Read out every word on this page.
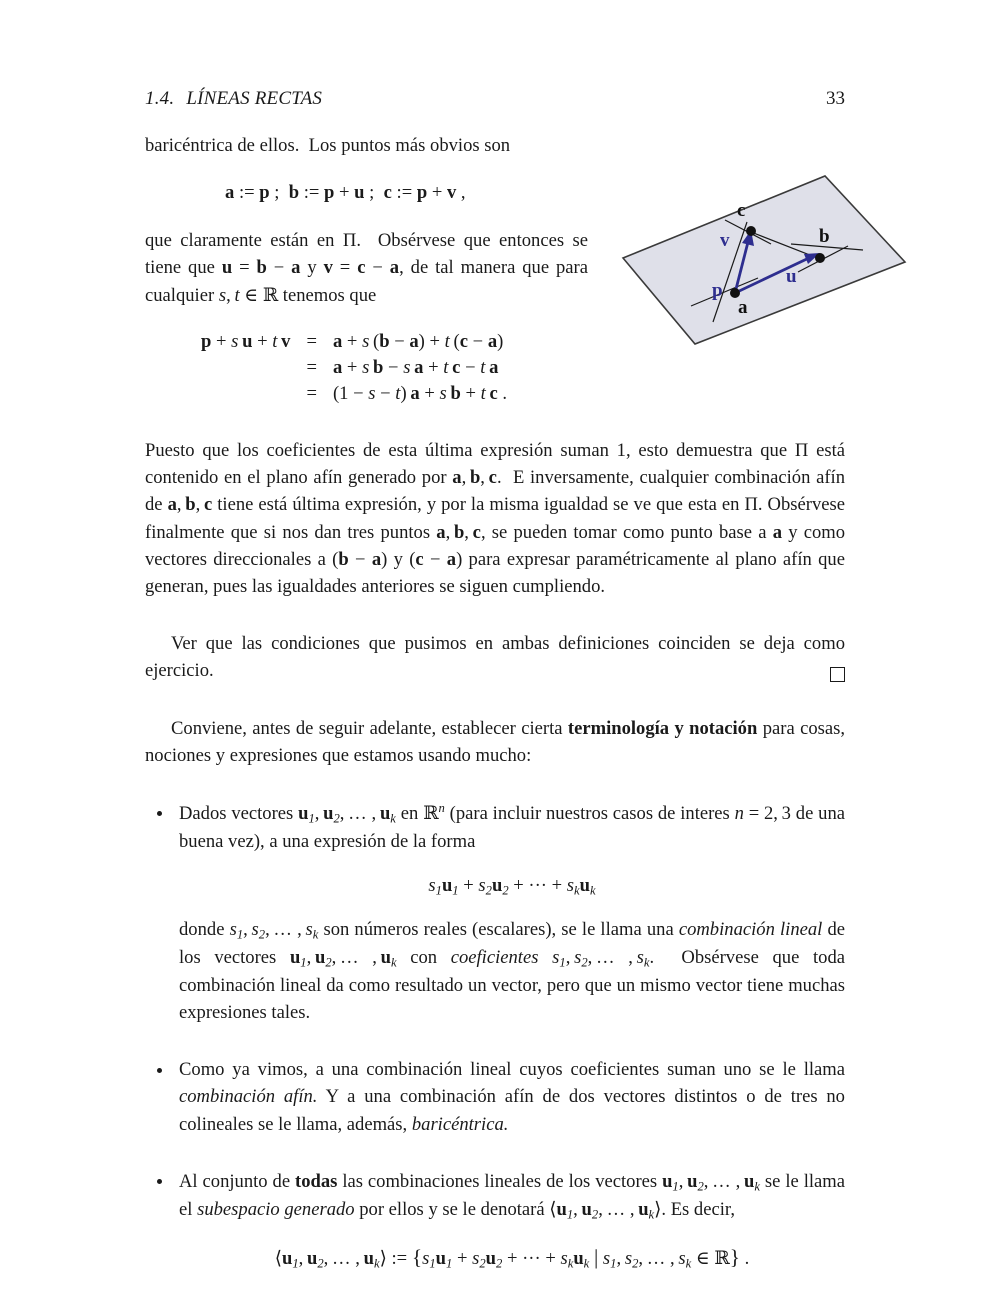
1.4. LÍNEAS RECTAS	33
c
b
a
p
u
v

baricéntrica de ellos.  Los puntos más obvios son

a := p ;  b := p + u ;  c := p + v ,

que claramente están en Π.  Obsérvese que entonces se tiene que u = b − a y v = c − a, de tal manera que para cualquier s, t ∈ ℝ tenemos que

p + s  u + t  v	=	a + s (b − a) + t (c − a)
	=	a + s  b − s  a + t  c − t  a
	=	(1 − s − t) a + s  b + t  c .

Puesto que los coeficientes de esta última expresión suman 1, esto demuestra que Π está contenido en el plano afín generado por a, b, c.  E inversamente, cualquier combinación afín de a, b, c tiene está última expresión, y por la misma igualdad se ve que esta en Π. Obsérvese finalmente que si nos dan tres puntos a, b, c, se pueden tomar como punto base a a y como vectores direccionales a (b − a) y (c − a) para expresar paramétricamente al plano afín que generan, pues las igualdades anteriores se siguen cumpliendo.

Ver que las condiciones que pusimos en ambas definiciones coinciden se deja como ejercicio.

Conviene, antes de seguir adelante, establecer cierta terminología y notación para cosas, nociones y expresiones que estamos usando mucho:

Dados vectores $u_1$, $u_2$, … , $u_k$ en ℝ$^n$ (para incluir nuestros casos de interes n = 2, 3 de una buena vez), a una expresión de la forma
$s_1u_1 + s_2u_2$ + ··· + $s_ku_k$
donde $s_1$, $s_2$, … , $s_k$ son números reales (escalares), se le llama una combinación lineal de los vectores $u_1$, $u_2$, … , $u_k$ con coeficientes $s_1$, $s_2$, … , $s_k$.  Obsérvese que toda combinación lineal da como resultado un vector, pero que un mismo vector tiene muchas expresiones tales.
Como ya vimos, a una combinación lineal cuyos coeficientes suman uno se le llama combinación afín. Y a una combinación afín de dos vectores distintos o de tres no colineales se le llama, además, baricéntrica.
Al conjunto de todas las combinaciones lineales de los vectores $u_1$, $u_2$, … , $u_k$ se le llama el subespacio generado por ellos y se le denotará $⟨u_1$, $u_2$, … , $u_k⟩$. Es decir,
$⟨u_1$, $u_2$, … , $u_k⟩$ := {$s_1u_1 + s_2u_2$ + ··· + $s_ku_k$ | $s_1$, $s_2$, … , $s_k$ ∈ ℝ} .
